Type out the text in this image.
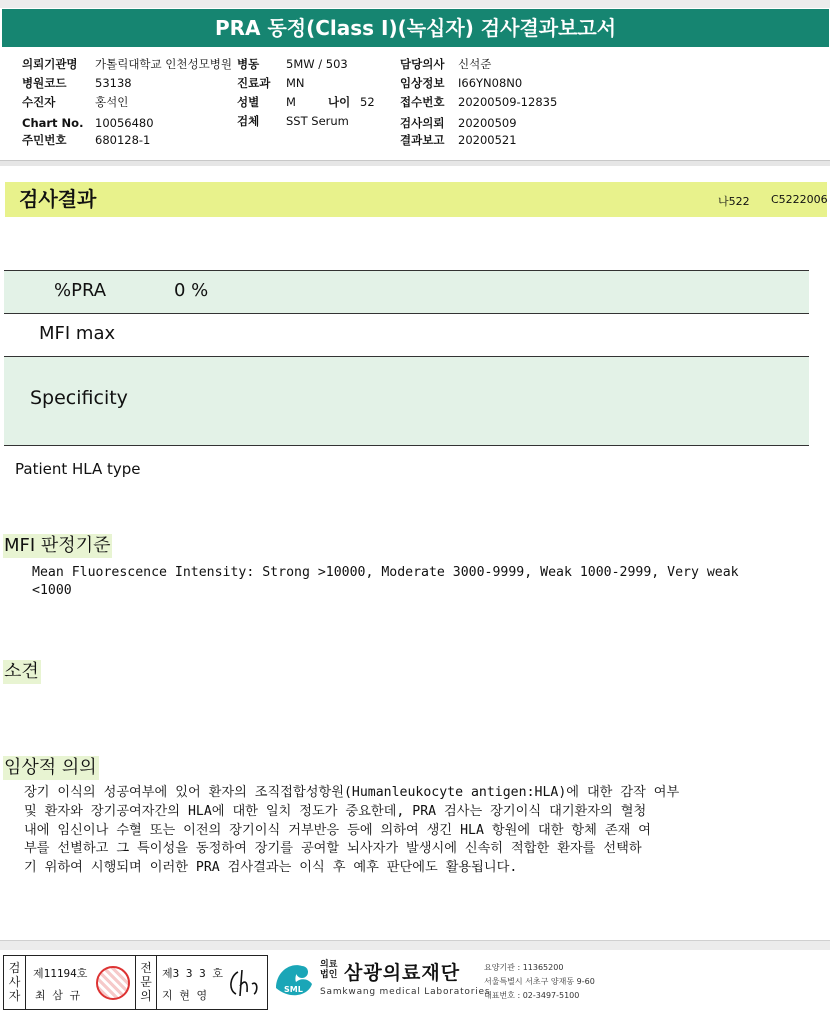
PRA 동정(Class I)(녹십자) 검사결과보고서
의뢰기관명 가톨릭대학교 인천성모병원
병원코드 53138
수진자	홍석인
Chart No. 10056480
주민번호 680128-1
병동 5MW / 503
진료과 MN
성별 M	나이 52
검체 SST Serum
담당의사 신석준
임상정보 I66YN08N0
접수번호 20200509-12835
검사의뢰 20200509
결과보고 20200521
검사결과	나522 C5222006
%PRA	0 %
MFI max
Specificity
Patient HLA type
MFI 판정기준
Mean Fluorescence Intensity: Strong >10000, Moderate 3000-9999, Weak 1000-2999, Very weak
<1000
소견
임상적 의의
장기 이식의 성공여부에 있어 환자의 조직접합성항원(Humanleukocyte antigen:HLA)에 대한 감작 여부
및 환자와 장기공여자간의 HLA에 대한 일치 정도가 중요한데, PRA 검사는 장기이식 대기환자의 혈청
내에 임신이나 수혈 또는 이전의 장기이식 거부반응 등에 의하여 생긴 HLA 항원에 대한 항체 존재 여
부를 선별하고 그 특이성을 동정하여 장기를 공여할 뇌사자가 발생시에 신속히 적합한 환자를 선택하
기 위하여 시행되며 이러한 PRA 검사결과는 이식 후 예후 판단에도 활용됩니다.
검사자
제11194호
최 삼 규
전문의
제3 3 3 호
지 현 영	SML
의료
법인 삼광의료재단
Samkwang medical Laboratories
요양기관 : 11365200
서울특별시 서초구 양재동 9-60
대표번호 : 02-3497-5100
